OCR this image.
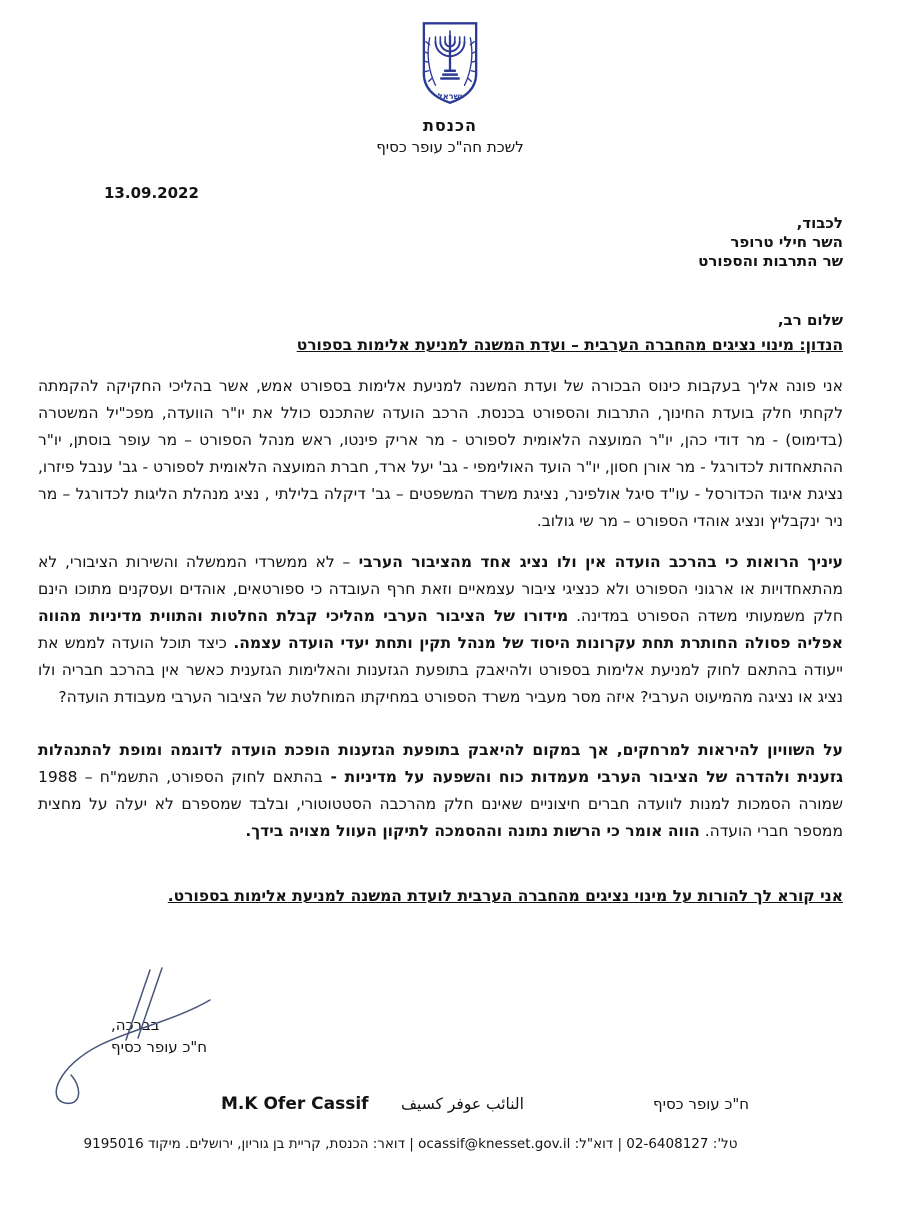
ישראל
הכנסת
לשכת חה"כ עופר כסיף
13.09.2022
לכבוד,
השר חילי טרופר
שר התרבות והספורט
שלום רב,
הנדון: מינוי נציגים מהחברה הערבית – ועדת המשנה למניעת אלימות בספורט

אני פונה אליך בעקבות כינוס הבכורה של ועדת המשנה למניעת אלימות בספורט אמש, אשר בהליכי החקיקה להקמתה לקחתי חלק בועדת החינוך, התרבות והספורט בכנסת. הרכב הועדה שהתכנס כולל את יו"ר הוועדה, מפכ"יל המשטרה (בדימוס) - מר דודי כהן, יו"ר המועצה הלאומית לספורט - מר אריק פינטו, ראש מנהל הספורט – מר עופר בוסתן, יו"ר ההתאחדות לכדורגל - מר אורן חסון, יו"ר הועד האולימפי - גב' יעל ארד, חברת המועצה הלאומית לספורט - גב' ענבל פיזרו, נציגת איגוד הכדורסל - עו"ד סיגל אולפינר, נציגת משרד המשפטים – גב' דיקלה בלילתי , נציג מנהלת הליגות לכדורגל – מר ניר ינקבליץ ונציג אוהדי הספורט – מר שי גולוב.

עיניך הרואות כי בהרכב הועדה אין ולו נציג אחד מהציבור הערבי – לא ממשרדי הממשלה והשירות הציבורי, לא מהתאחדויות או ארגוני הספורט ולא כנציגי ציבור עצמאיים וזאת חרף העובדה כי ספורטאים, אוהדים ועסקנים מתוכו הינם חלק משמעותי משדה הספורט במדינה. מידורו של הציבור הערבי מהליכי קבלת החלטות והתווית מדיניות מהווה אפליה פסולה החותרת תחת עקרונות היסוד של מנהל תקין ותחת יעדי הועדה עצמה. כיצד תוכל הועדה לממש את ייעודה בהתאם לחוק למניעת אלימות בספורט ולהיאבק בתופעת הגזענות והאלימות הגזענית כאשר אין בהרכב חבריה ולו נציג או נציגה מהמיעוט הערבי? איזה מסר מעביר משרד הספורט במחיקתו המוחלטת של הציבור הערבי מעבודת הועדה?

על השוויון להיראות למרחקים, אך במקום להיאבק בתופעת הגזענות הופכת הועדה לדוגמה ומופת להתנהלות גזענית ולהדרה של הציבור הערבי מעמדות כוח והשפעה על מדיניות - בהתאם לחוק הספורט, התשמ"ח – 1988 שמורה הסמכות למנות לוועדה חברים חיצוניים שאינם חלק מהרכבה הסטטוטורי, ובלבד שמספרם לא יעלה על מחצית ממספר חברי הועדה. הווה אומר כי הרשות נתונה וההסמכה לתיקון העוול מצויה בידך.

אני קורא לך להורות על מינוי נציגים מהחברה הערבית לועדת המשנה למניעת אלימות בספורט.
בברכה,
ח"כ עופר כסיף
M.K Ofer Cassif النائب عوفر كسيف	ח"כ עופר כסיף
טל': 02-6408127 | דוא"ל: ocassif@knesset.gov.il | דואר: הכנסת, קריית בן גוריון, ירושלים. מיקוד 9195016
